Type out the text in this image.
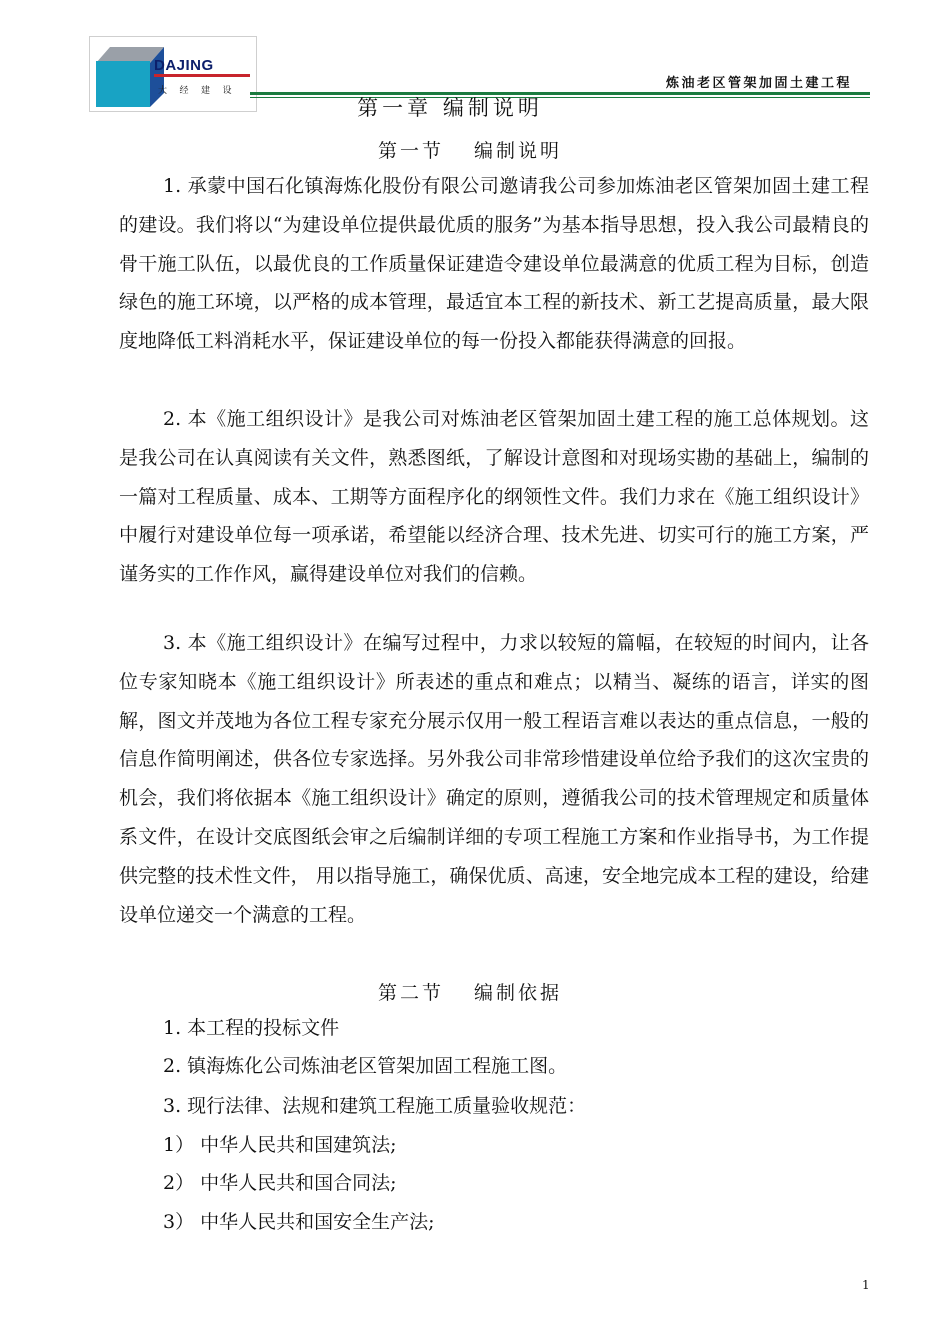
DAJING
大 经 建 设	炼油老区管架加固土建工程
第一章 编制说明
第一节 编制说明
1. 承蒙中国石化镇海炼化股份有限公司邀请我公司参加炼油老区管架加固土建工程的建设。我们将以“为建设单位提供最优质的服务”为基本指导思想，投入我公司最精良的骨干施工队伍，以最优良的工作质量保证建造令建设单位最满意的优质工程为目标，创造绿色的施工环境，以严格的成本管理，最适宜本工程的新技术、新工艺提高质量，最大限度地降低工料消耗水平，保证建设单位的每一份投入都能获得满意的回报。
2. 本《施工组织设计》是我公司对炼油老区管架加固土建工程的施工总体规划。这是我公司在认真阅读有关文件，熟悉图纸，了解设计意图和对现场实勘的基础上，编制的一篇对工程质量、成本、工期等方面程序化的纲领性文件。我们力求在《施工组织设计》中履行对建设单位每一项承诺，希望能以经济合理、技术先进、切实可行的施工方案，严谨务实的工作作风，赢得建设单位对我们的信赖。
3. 本《施工组织设计》在编写过程中，力求以较短的篇幅，在较短的时间内，让各位专家知晓本《施工组织设计》所表述的重点和难点；以精当、凝练的语言，详实的图解，图文并茂地为各位工程专家充分展示仅用一般工程语言难以表达的重点信息，一般的信息作简明阐述，供各位专家选择。另外我公司非常珍惜建设单位给予我们的这次宝贵的机会，我们将依据本《施工组织设计》确定的原则，遵循我公司的技术管理规定和质量体系文件，在设计交底图纸会审之后编制详细的专项工程施工方案和作业指导书，为工作提供完整的技术性文件， 用以指导施工，确保优质、高速，安全地完成本工程的建设，给建设单位递交一个满意的工程。
第二节 编制依据
1. 本工程的投标文件
2. 镇海炼化公司炼油老区管架加固工程施工图。
3. 现行法律、法规和建筑工程施工质量验收规范：
1） 中华人民共和国建筑法;
2） 中华人民共和国合同法;
3） 中华人民共和国安全生产法;
1
